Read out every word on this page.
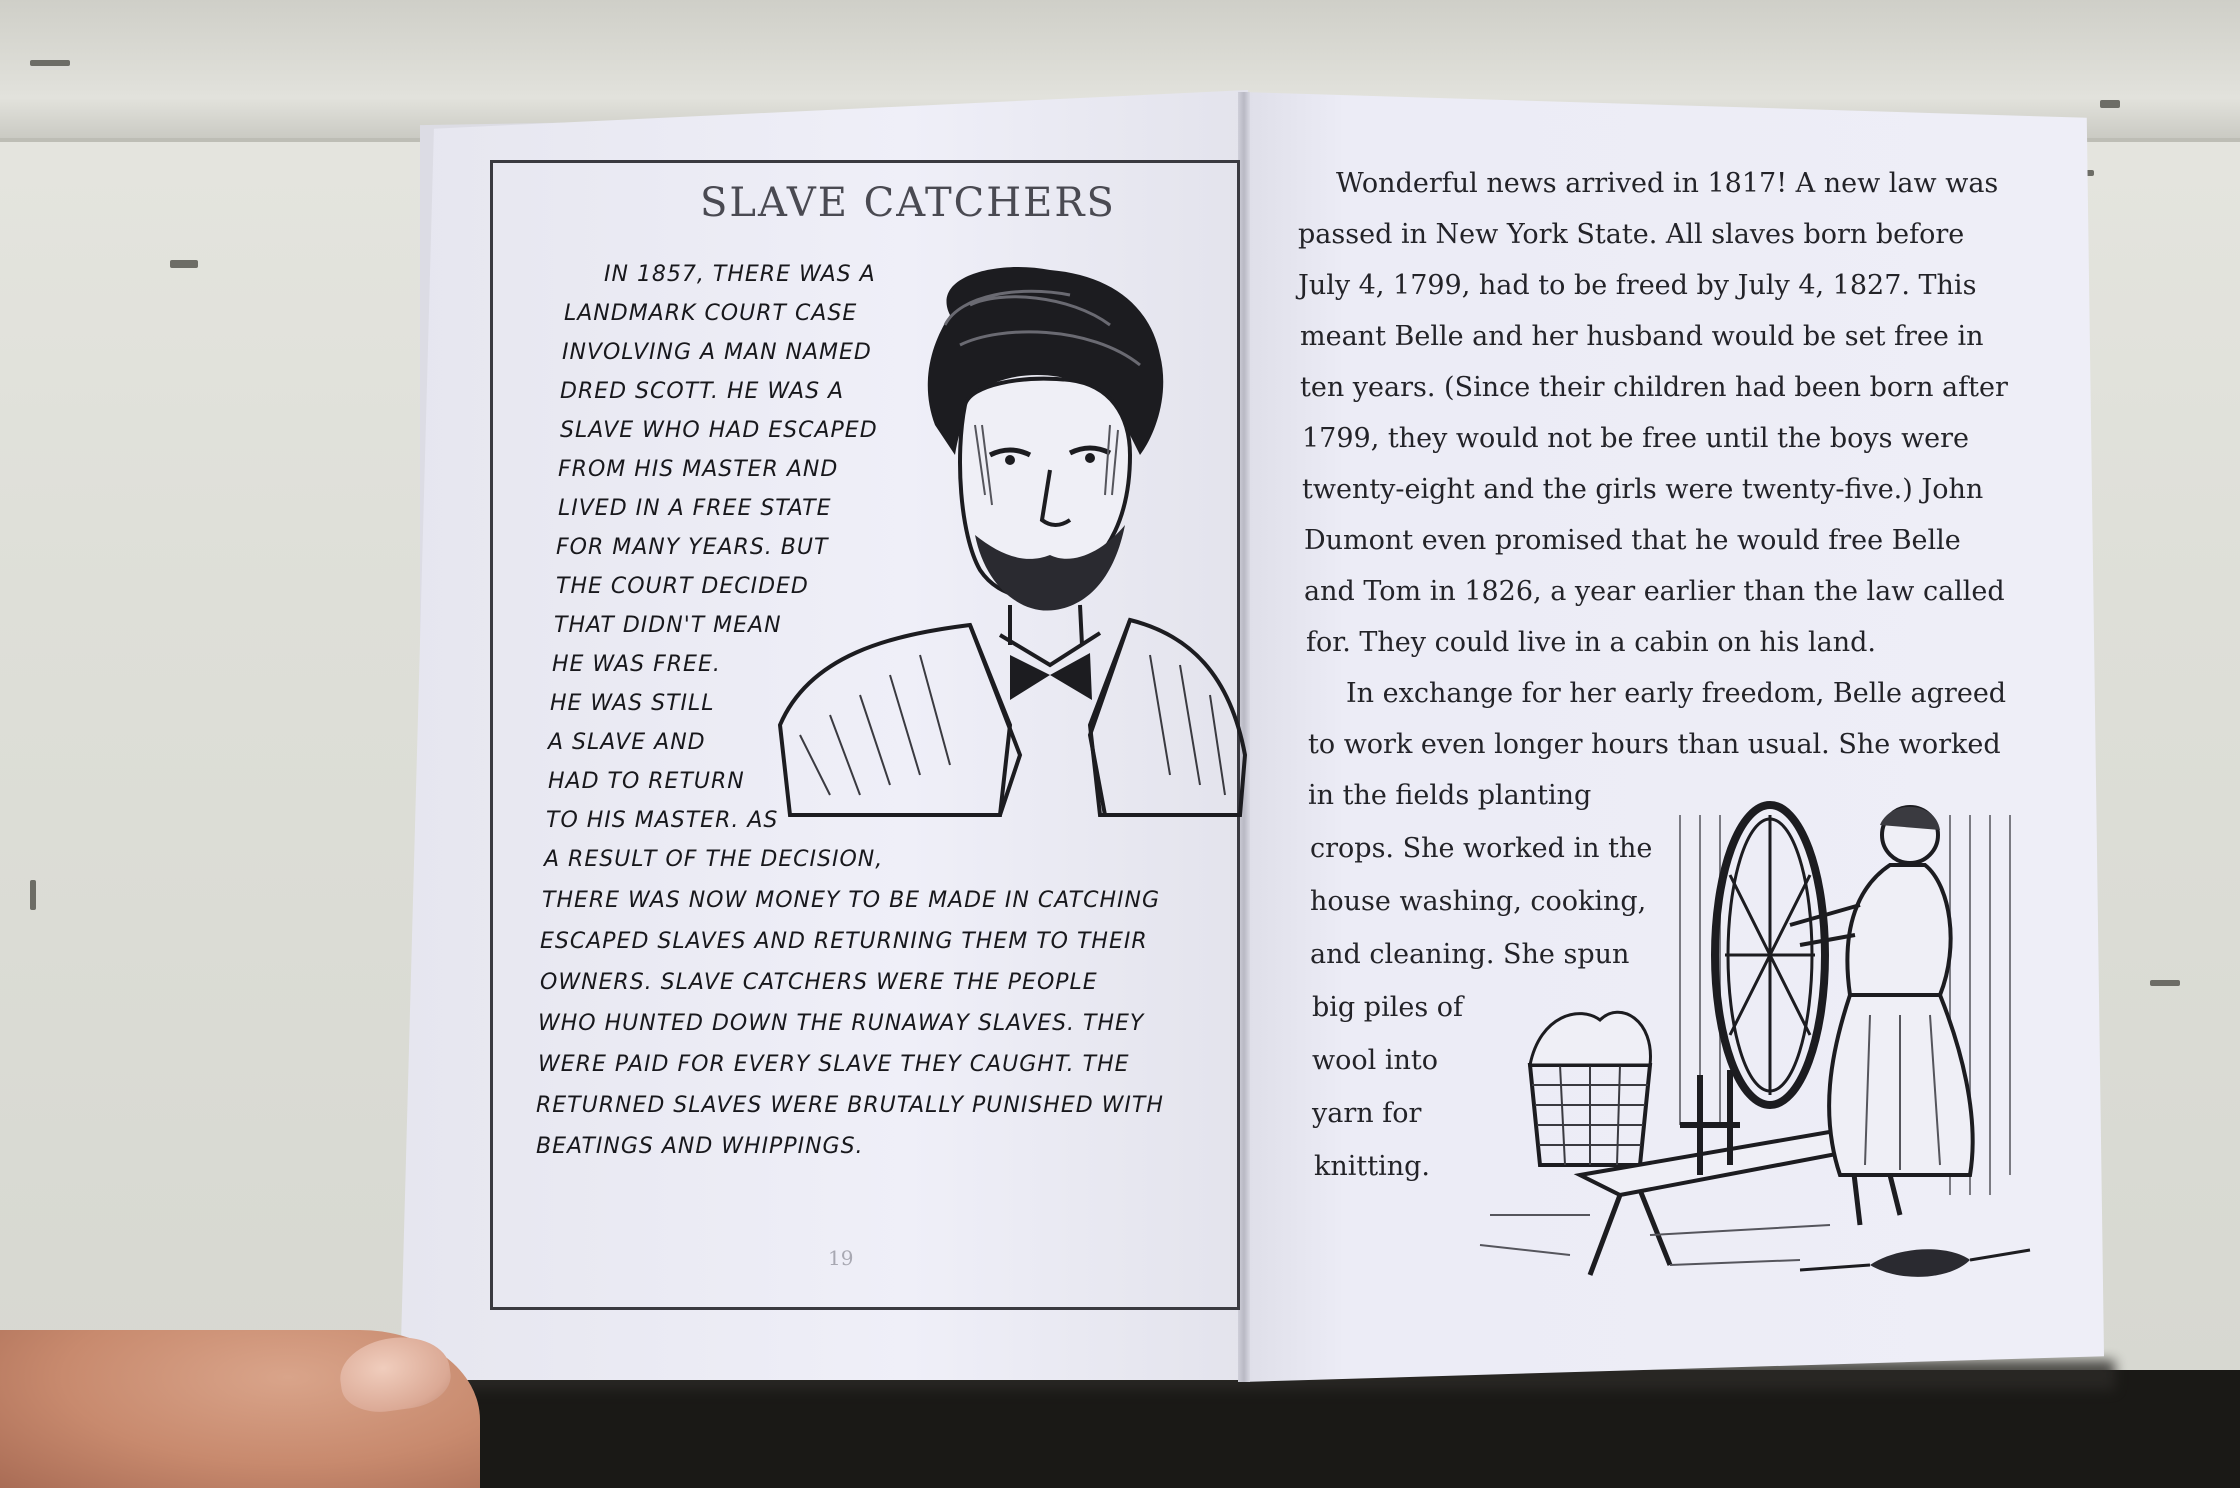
SLAVE CATCHERS
IN 1857, THERE WAS A
LANDMARK COURT CASE
INVOLVING A MAN NAMED
DRED SCOTT. HE WAS A
SLAVE WHO HAD ESCAPED
FROM HIS MASTER AND
LIVED IN A FREE STATE
FOR MANY YEARS. BUT
THE COURT DECIDED
THAT DIDN'T MEAN
HE WAS FREE.
HE WAS STILL
A SLAVE AND
HAD TO RETURN
TO HIS MASTER. AS
A RESULT OF THE DECISION,
THERE WAS NOW MONEY TO BE MADE IN CATCHING
ESCAPED SLAVES AND RETURNING THEM TO THEIR
OWNERS. SLAVE CATCHERS WERE THE PEOPLE
WHO HUNTED DOWN THE RUNAWAY SLAVES. THEY
WERE PAID FOR EVERY SLAVE THEY CAUGHT. THE
RETURNED SLAVES WERE BRUTALLY PUNISHED WITH
BEATINGS AND WHIPPINGS.
19
Wonderful news arrived in 1817! A new law was
passed in New York State. All slaves born before
July 4, 1799, had to be freed by July 4, 1827. This
meant Belle and her husband would be set free in
ten years. (Since their children had been born after
1799, they would not be free until the boys were
twenty-eight and the girls were twenty-five.) John
Dumont even promised that he would free Belle
and Tom in 1826, a year earlier than the law called
for. They could live in a cabin on his land.
In exchange for her early freedom, Belle agreed
to work even longer hours than usual. She worked
in the fields planting
crops. She worked in the
house washing, cooking,
and cleaning. She spun
big piles of
wool into
yarn for
knitting.
